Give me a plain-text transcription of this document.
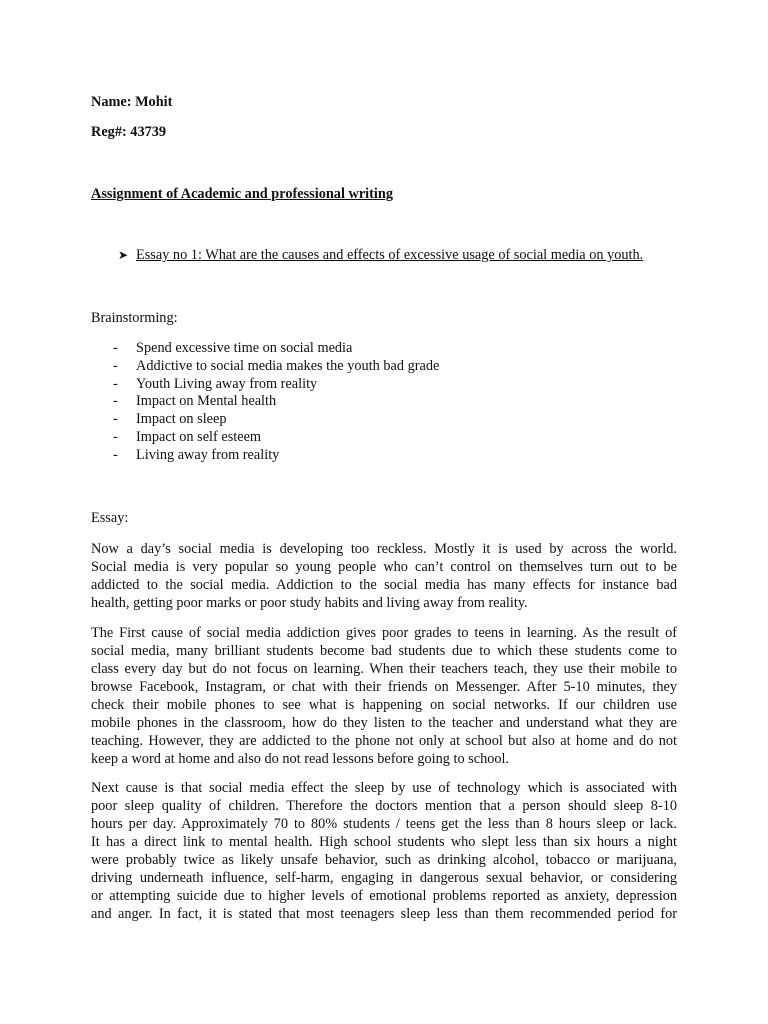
Name: Mohit
Reg#: 43739
Assignment of Academic and professional writing
➤ Essay no 1: What are the causes and effects of excessive usage of social media on youth.
Brainstorming:
-	Spend excessive time on social media
-	Addictive to social media makes the youth bad grade
-	Youth Living away from reality
-	Impact on Mental health
-	Impact on sleep
-	Impact on self esteem
-	Living away from reality
Essay:
Now a day’s social media is developing too reckless. Mostly it is used by across the world.
Social media is very popular so young people who can’t control on themselves turn out to be
addicted to the social media. Addiction to the social media has many effects for instance bad
health, getting poor marks or poor study habits and living away from reality.
The First cause of social media addiction gives poor grades to teens in learning. As the result of
social media, many brilliant students become bad students due to which these students come to
class every day but do not focus on learning. When their teachers teach, they use their mobile to
browse Facebook, Instagram, or chat with their friends on Messenger. After 5-10 minutes, they
check their mobile phones to see what is happening on social networks. If our children use
mobile phones in the classroom, how do they listen to the teacher and understand what they are
teaching. However, they are addicted to the phone not only at school but also at home and do not
keep a word at home and also do not read lessons before going to school.
Next cause is that social media effect the sleep by use of technology which is associated with
poor sleep quality of children. Therefore the doctors mention that a person should sleep 8-10
hours per day. Approximately 70 to 80% students / teens get the less than 8 hours sleep or lack.
It has a direct link to mental health. High school students who slept less than six hours a night
were probably twice as likely unsafe behavior, such as drinking alcohol, tobacco or marijuana,
driving underneath influence, self-harm, engaging in dangerous sexual behavior, or considering
or attempting suicide due to higher levels of emotional problems reported as anxiety, depression
and anger. In fact, it is stated that most teenagers sleep less than them recommended period for
